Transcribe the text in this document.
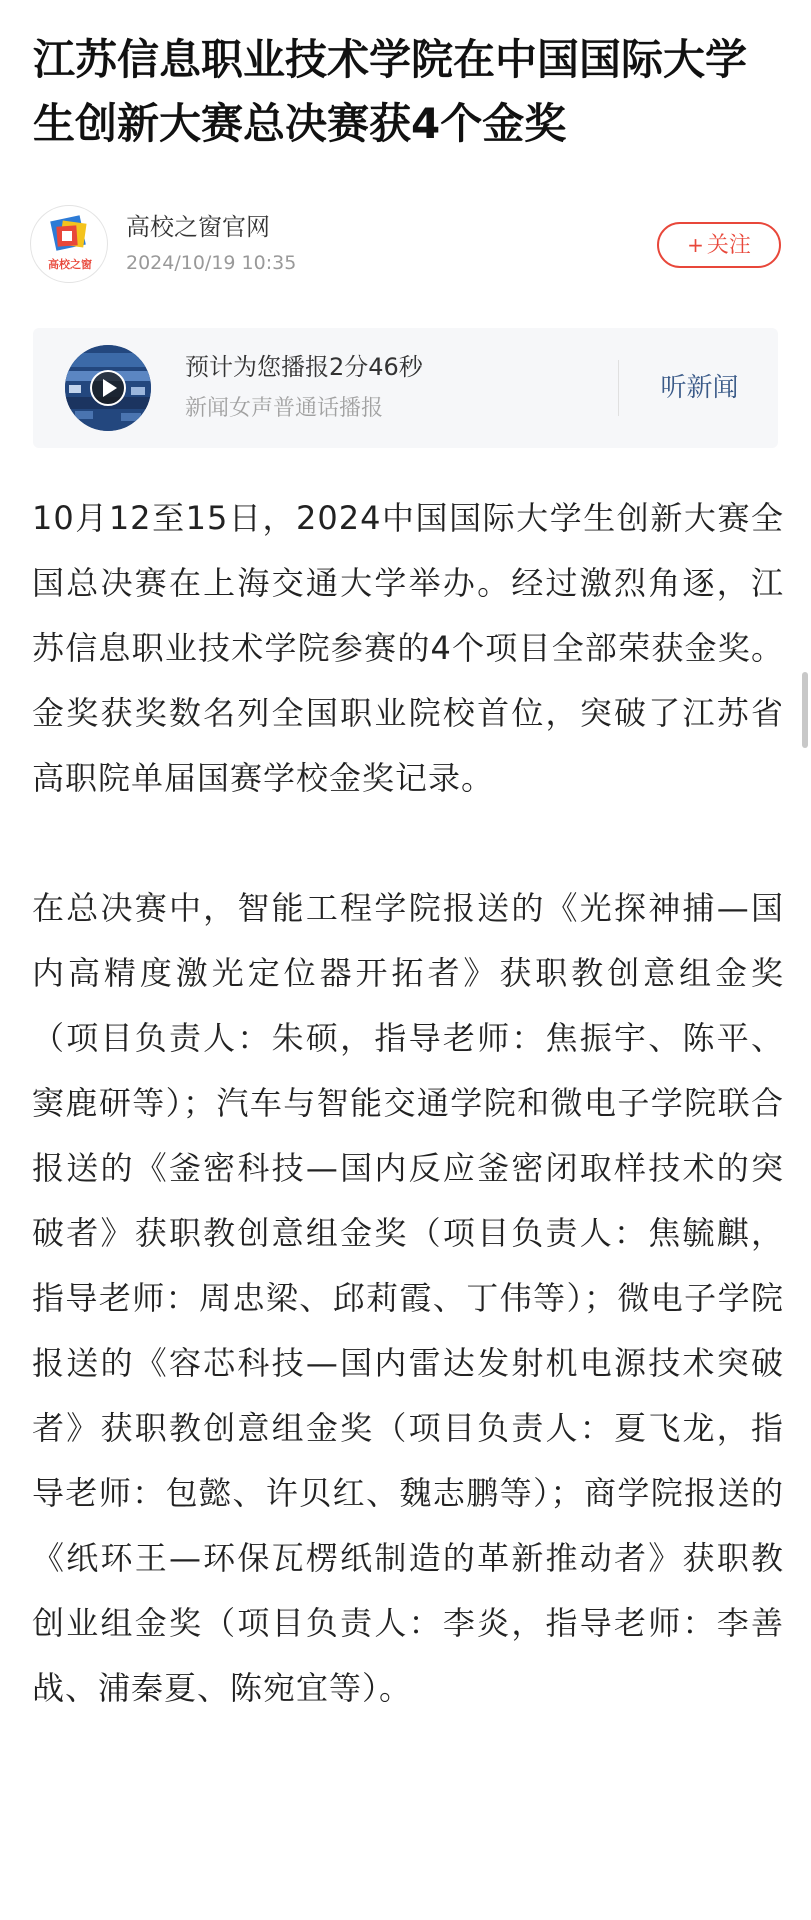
江苏信息职业技术学院在中国国际大学生创新大赛总决赛获4个金奖
高校之窗
高校之窗官网
2024/10/19 10:35
+ 关注
预计为您播报2分46秒
新闻女声普通话播报
听新闻

10月12至15日，2024中国国际大学生创新大赛全国总决赛在上海交通大学举办。经过激烈角逐，江苏信息职业技术学院参赛的4个项目全部荣获金奖。金奖获奖数名列全国职业院校首位，突破了江苏省高职院单届国赛学校金奖记录。

在总决赛中，智能工程学院报送的《光探神捕—国内高精度激光定位器开拓者》获职教创意组金奖（项目负责人：朱硕，指导老师：焦振宇、陈平、窦鹿研等）；汽车与智能交通学院和微电子学院联合报送的《釜密科技—国内反应釜密闭取样技术的突破者》获职教创意组金奖（项目负责人：焦毓麒，指导老师：周忠梁、邱莉霞、丁伟等）；微电子学院报送的《容芯科技—国内雷达发射机电源技术突破者》获职教创意组金奖（项目负责人：夏飞龙，指导老师：包懿、许贝红、魏志鹏等）；商学院报送的《纸环王—环保瓦楞纸制造的革新推动者》获职教创业组金奖（项目负责人：李炎，指导老师：李善战、浦秦夏、陈宛宜等）。
